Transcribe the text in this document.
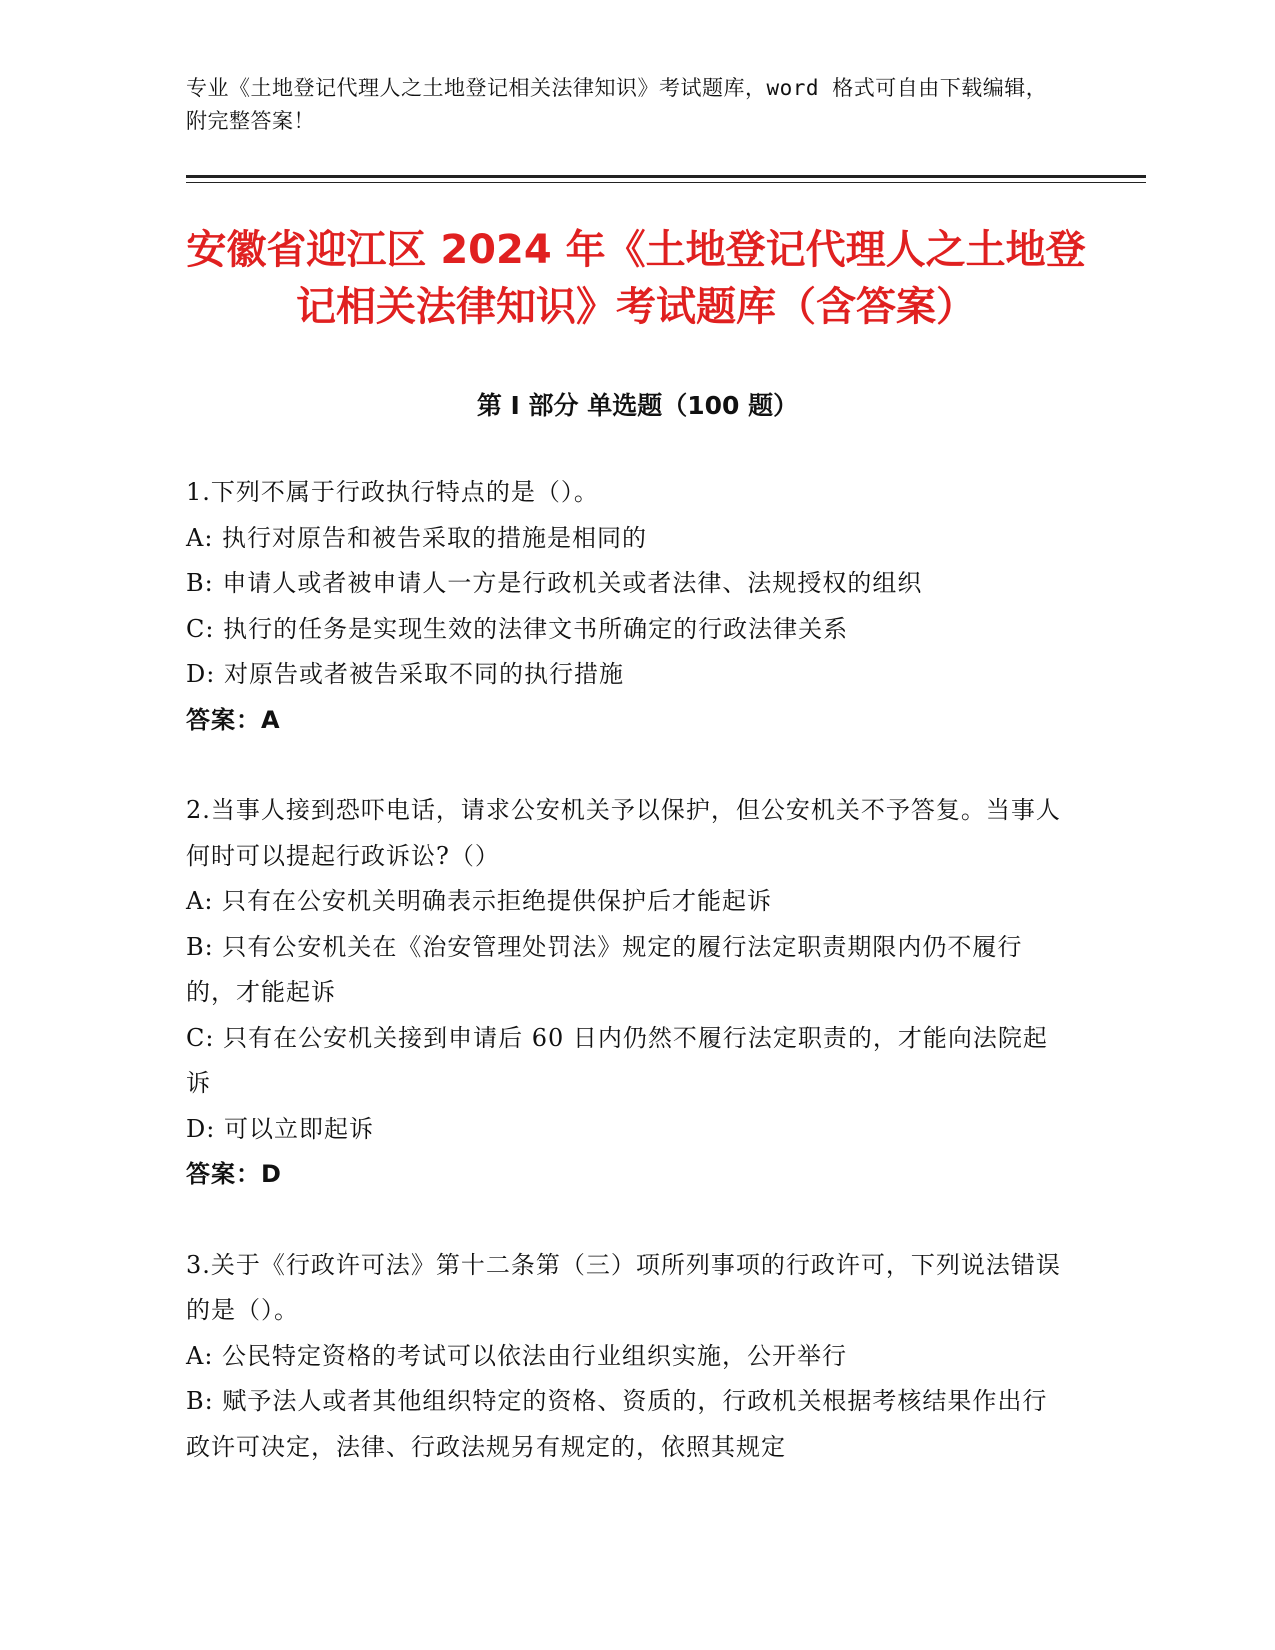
专业《土地登记代理人之土地登记相关法律知识》考试题库，word 格式可自由下载编辑，附完整答案！

安徽省迎江区 2024 年《土地登记代理人之土地登记相关法律知识》考试题库（含答案）
第 I 部分 单选题（100 题）

1.下列不属于行政执行特点的是（）。

A: 执行对原告和被告采取的措施是相同的

B: 申请人或者被申请人一方是行政机关或者法律、法规授权的组织

C: 执行的任务是实现生效的法律文书所确定的行政法律关系

D: 对原告或者被告采取不同的执行措施

答案：A

2.当事人接到恐吓电话，请求公安机关予以保护，但公安机关不予答复。当事人何时可以提起行政诉讼?（）

A: 只有在公安机关明确表示拒绝提供保护后才能起诉

B: 只有公安机关在《治安管理处罚法》规定的履行法定职责期限内仍不履行的，才能起诉

C: 只有在公安机关接到申请后 60 日内仍然不履行法定职责的，才能向法院起诉

D: 可以立即起诉

答案：D

3.关于《行政许可法》第十二条第（三）项所列事项的行政许可，下列说法错误的是（）。

A: 公民特定资格的考试可以依法由行业组织实施，公开举行

B: 赋予法人或者其他组织特定的资格、资质的，行政机关根据考核结果作出行政许可决定，法律、行政法规另有规定的，依照其规定
